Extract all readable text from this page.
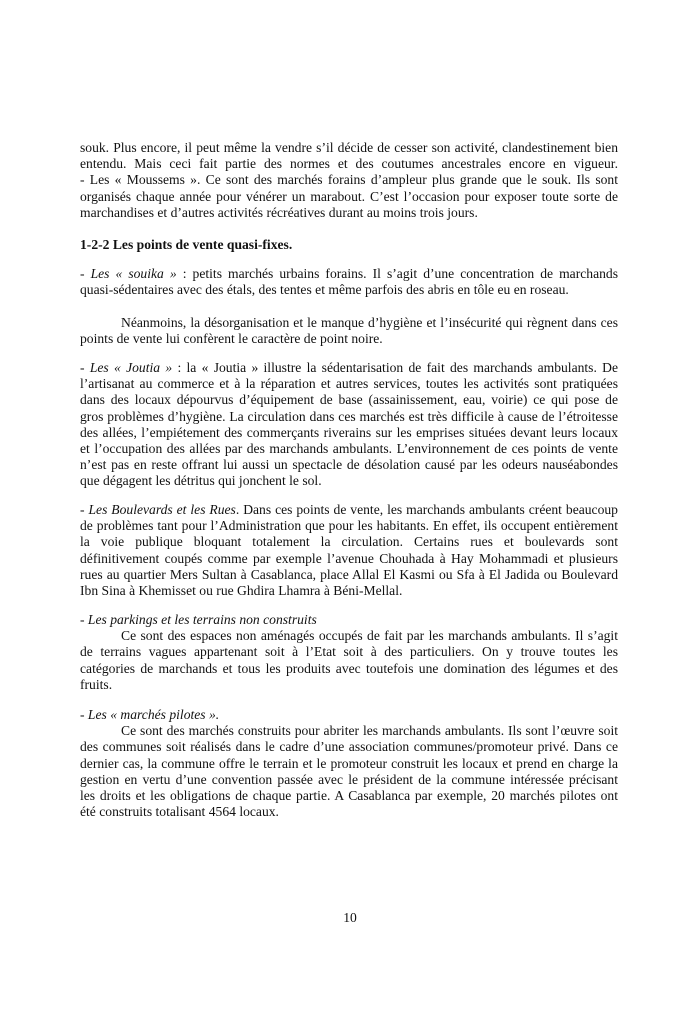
souk. Plus encore, il peut même la vendre s’il décide de cesser son activité, clandestinement bien
entendu. Mais ceci fait partie des normes et des coutumes ancestrales encore en vigueur.
- Les « Moussems ». Ce sont des marchés forains d’ampleur plus grande que le souk. Ils sont
organisés chaque année pour vénérer un marabout. C’est l’occasion pour exposer toute sorte de
marchandises et d’autres activités récréatives durant au moins trois jours.
1-2-2 Les points de vente quasi-fixes.
- Les « souika » : petits marchés urbains forains. Il s’agit d’une concentration de marchands
quasi-sédentaires avec des étals, des tentes et même parfois des abris en tôle eu en roseau.
Néanmoins, la désorganisation et le manque d’hygiène et l’insécurité qui règnent dans ces
points de vente lui confèrent le caractère de point noire.
- Les « Joutia » : la « Joutia » illustre la sédentarisation de fait des marchands ambulants. De
l’artisanat au commerce et à la réparation et autres services, toutes les activités sont pratiquées
dans des locaux dépourvus d’équipement de base (assainissement, eau, voirie) ce qui pose de
gros problèmes d’hygiène. La circulation dans ces marchés est très difficile à cause de l’étroitesse
des allées, l’empiétement des commerçants riverains sur les emprises situées devant leurs locaux
et l’occupation des allées par des marchands ambulants. L’environnement de ces points de vente
n’est pas en reste offrant lui aussi un spectacle de désolation causé par les odeurs nauséabondes
que dégagent les détritus qui jonchent le sol.
- Les Boulevards et les Rues. Dans ces points de vente, les marchands ambulants créent beaucoup
de problèmes tant pour l’Administration que pour les habitants. En effet, ils occupent entièrement
la voie publique bloquant totalement la circulation. Certains rues et boulevards sont
définitivement coupés comme par exemple l’avenue Chouhada à Hay Mohammadi et plusieurs
rues au quartier Mers Sultan à Casablanca, place Allal El Kasmi ou Sfa à El Jadida ou Boulevard
Ibn Sina à Khemisset ou rue Ghdira Lhamra à Béni-Mellal.
- Les parkings et les terrains non construits
Ce sont des espaces non aménagés occupés de fait par les marchands ambulants. Il s’agit
de terrains vagues appartenant soit à l’Etat soit à des particuliers. On y trouve toutes les
catégories de marchands et tous les produits avec toutefois une domination des légumes et des
fruits.
- Les « marchés pilotes ».
Ce sont des marchés construits pour abriter les marchands ambulants. Ils sont l’œuvre soit
des communes soit réalisés dans le cadre d’une association communes/promoteur privé. Dans ce
dernier cas, la commune offre le terrain et le promoteur construit les locaux et prend en charge la
gestion en vertu d’une convention passée avec le président de la commune intéressée précisant
les droits et les obligations de chaque partie. A Casablanca par exemple, 20 marchés pilotes ont
été construits totalisant 4564 locaux.
10
